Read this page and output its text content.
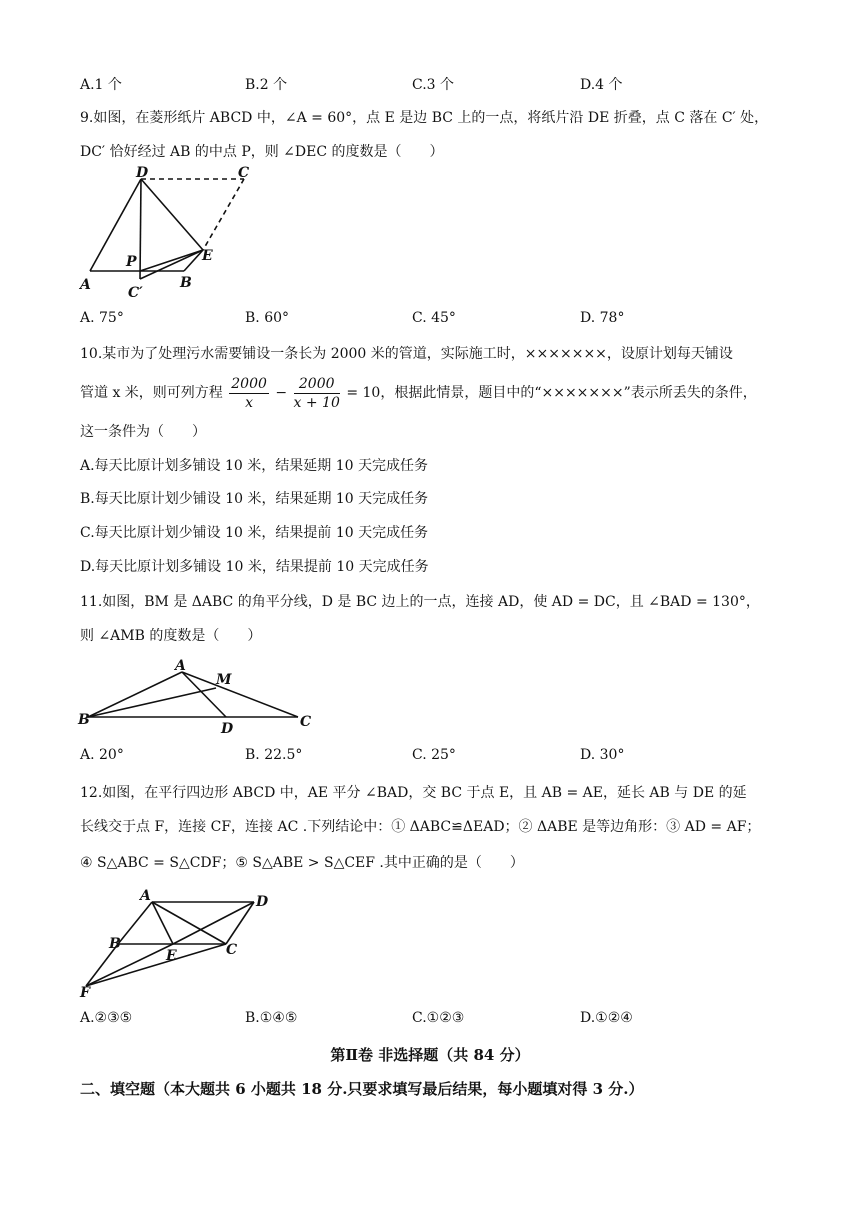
A.1 个	B.2 个	C.3 个	D.4 个
9.如图，在菱形纸片 ABCD 中，∠A = 60°，点 E 是边 BC 上的一点，将纸片沿 DE 折叠，点 C 落在 C′ 处，
DC′ 恰好经过 AB 的中点 P，则 ∠DEC 的度数是（　　）
D	C
E
P
A	C′
B
A. 75°	B. 60°	C. 45°	D. 78°
10.某市为了处理污水需要铺设一条长为 2000 米的管道，实际施工时，×××××××，设原计划每天铺设
管道 x 米，则可列方程 $\frac{2000}{x} - \frac{2000}{x + 10} = 10$，根据此情景，题目中的“×××××××”表示所丢失的条件，
这一条件为（　　）
A.每天比原计划多铺设 10 米，结果延期 10 天完成任务
B.每天比原计划少铺设 10 米，结果延期 10 天完成任务
C.每天比原计划少铺设 10 米，结果提前 10 天完成任务
D.每天比原计划多铺设 10 米，结果提前 10 天完成任务
11.如图，BM 是 ΔABC 的角平分线，D 是 BC 边上的一点，连接 AD，使 AD = DC，且 ∠BAD = 130°，
则 ∠AMB 的度数是（　　）
A
M
B
D	C
A. 20°	B. 22.5°	C. 25°	D. 30°
12.如图，在平行四边形 ABCD 中，AE 平分 ∠BAD，交 BC 于点 E，且 AB = AE，延长 AB 与 DE 的延
长线交于点 F，连接 CF，连接 AC .下列结论中：① ΔABC≌ΔEAD；② ΔABE 是等边角形：③ AD = AF；
④ S△ABC = S△CDF；⑤ S△ABE > S△CEF .其中正确的是（　　）
A	D
B
E	C
F
A.②③⑤	B.①④⑤	C.①②③	D.①②④
第Ⅱ卷 非选择题（共 84 分）
二、填空题（本大题共 6 小题共 18 分.只要求填写最后结果，每小题填对得 3 分.）
